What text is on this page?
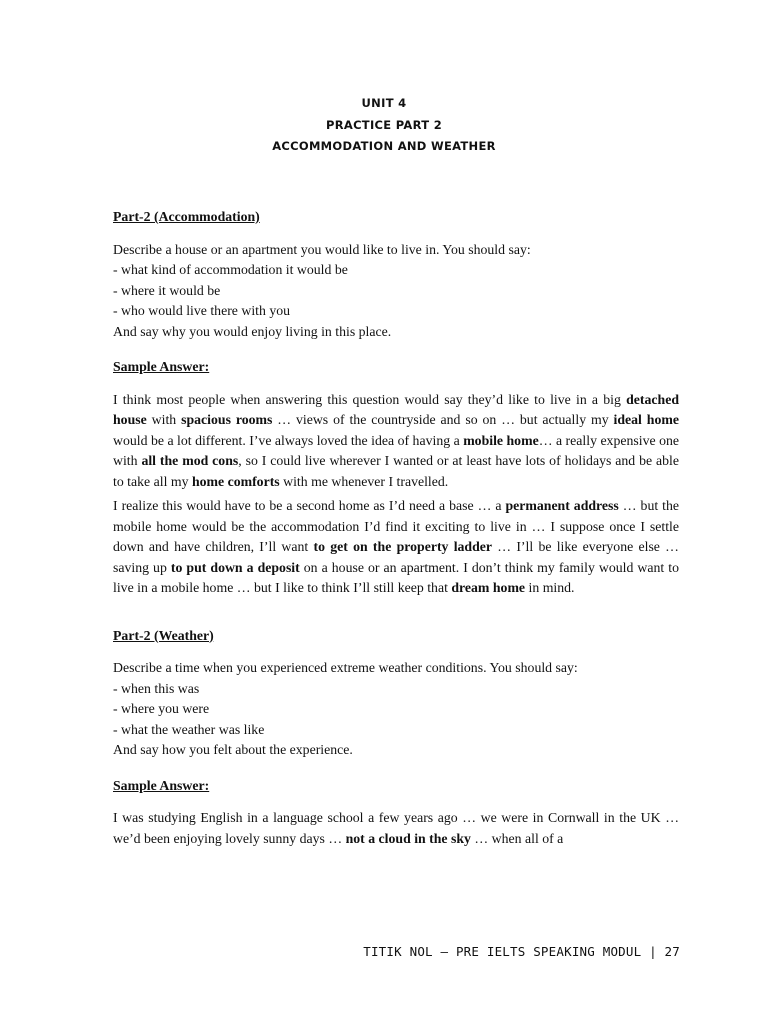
UNIT 4
PRACTICE PART 2
ACCOMMODATION AND WEATHER

Part-2 (Accommodation)

Describe a house or an apartment you would like to live in. You should say:

- what kind of accommodation it would be

- where it would be

- who would live there with you

And say why you would enjoy living in this place.

Sample Answer:

I think most people when answering this question would say they’d like to live in a big detached house with spacious rooms … views of the countryside and so on … but actually my ideal home would be a lot different. I’ve always loved the idea of having a mobile home… a really expensive one with all the mod cons, so I could live wherever I wanted or at least have lots of holidays and be able to take all my home comforts with me whenever I travelled.

I realize this would have to be a second home as I’d need a base … a permanent address … but the mobile home would be the accommodation I’d find it exciting to live in … I suppose once I settle down and have children, I’ll want to get on the property ladder … I’ll be like everyone else … saving up to put down a deposit on a house or an apartment. I don’t think my family would want to live in a mobile home … but I like to think I’ll still keep that dream home in mind.

Part-2 (Weather)

Describe a time when you experienced extreme weather conditions. You should say:

- when this was

- where you were

- what the weather was like

And say how you felt about the experience.

Sample Answer:

I was studying English in a language school a few years ago … we were in Cornwall in the UK … we’d been enjoying lovely sunny days … not a cloud in the sky … when all of a

TITIK NOL – PRE IELTS SPEAKING MODUL | 27
